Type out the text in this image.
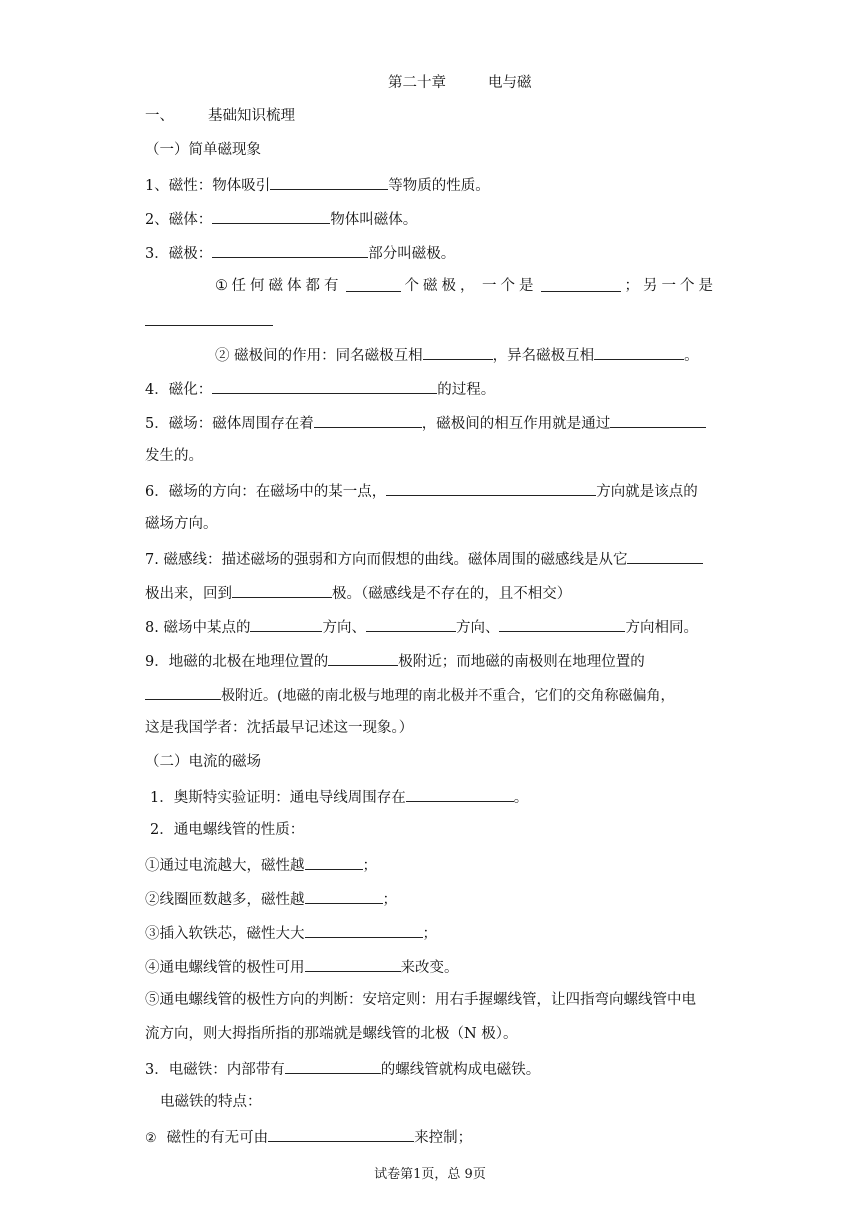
第二十章	电与磁
一、 基础知识梳理
（一）简单磁现象
1、磁性：物体吸引	等物质的性质。
2、磁体：	物体叫磁体。
3．磁极：	部分叫磁极。
① 任何磁体都有	个磁极， 一个是	；另一个是
② 磁极间的作用：同名磁极互相	，异名磁极互相	。
4．磁化：	的过程。
5．磁场：磁体周围存在着	，磁极间的相互作用就是通过
发生的。
6．磁场的方向：在磁场中的某一点，	方向就是该点的
磁场方向。
7. 磁感线：描述磁场的强弱和方向而假想的曲线。磁体周围的磁感线是从它
极出来，回到	极。（磁感线是不存在的，且不相交）
8. 磁场中某点的	方向、	方向、	方向相同。
9．地磁的北极在地理位置的	极附近；而地磁的南极则在地理位置的
极附近。(地磁的南北极与地理的南北极并不重合，它们的交角称磁偏角，
这是我国学者：沈括最早记述这一现象。）
（二）电流的磁场
1．奥斯特实验证明：通电导线周围存在	。
2．通电螺线管的性质：
①通过电流越大，磁性越	；
②线圈匝数越多，磁性越	；
③插入软铁芯，磁性大大	；
④通电螺线管的极性可用	来改变。
⑤通电螺线管的极性方向的判断：安培定则：用右手握螺线管，让四指弯向螺线管中电
流方向，则大拇指所指的那端就是螺线管的北极（N 极）。
3．电磁铁：内部带有	的螺线管就构成电磁铁。
电磁铁的特点：
② 磁性的有无可由	来控制；
试卷第1页，总 9页
